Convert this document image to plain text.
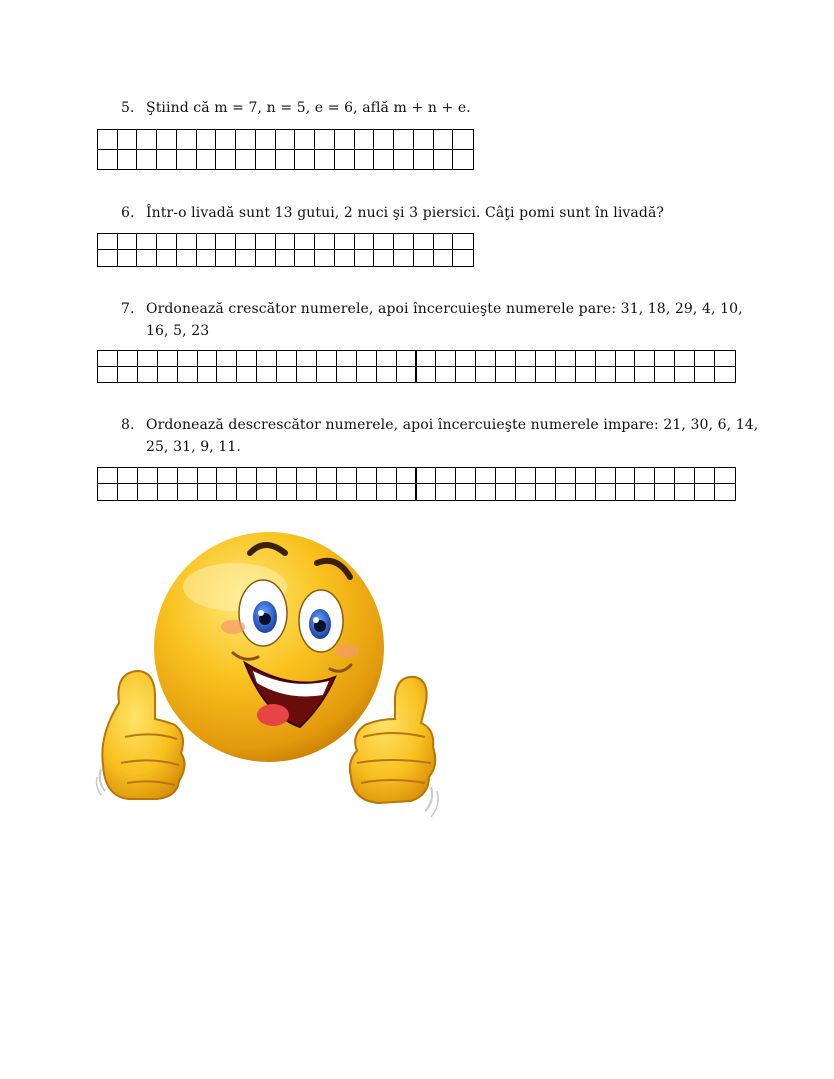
5. Ştiind că m = 7, n = 5, e = 6, află m + n + e.
6. Într-o livadă sunt 13 gutui, 2 nuci şi 3 piersici. Câţi pomi sunt în livadă?
7. Ordonează crescător numerele, apoi încercuieşte numerele pare: 31, 18, 29, 4, 10, 16, 5, 23
8. Ordonează descrescător numerele, apoi încercuieşte numerele impare: 21, 30, 6, 14, 25, 31, 9, 11.
